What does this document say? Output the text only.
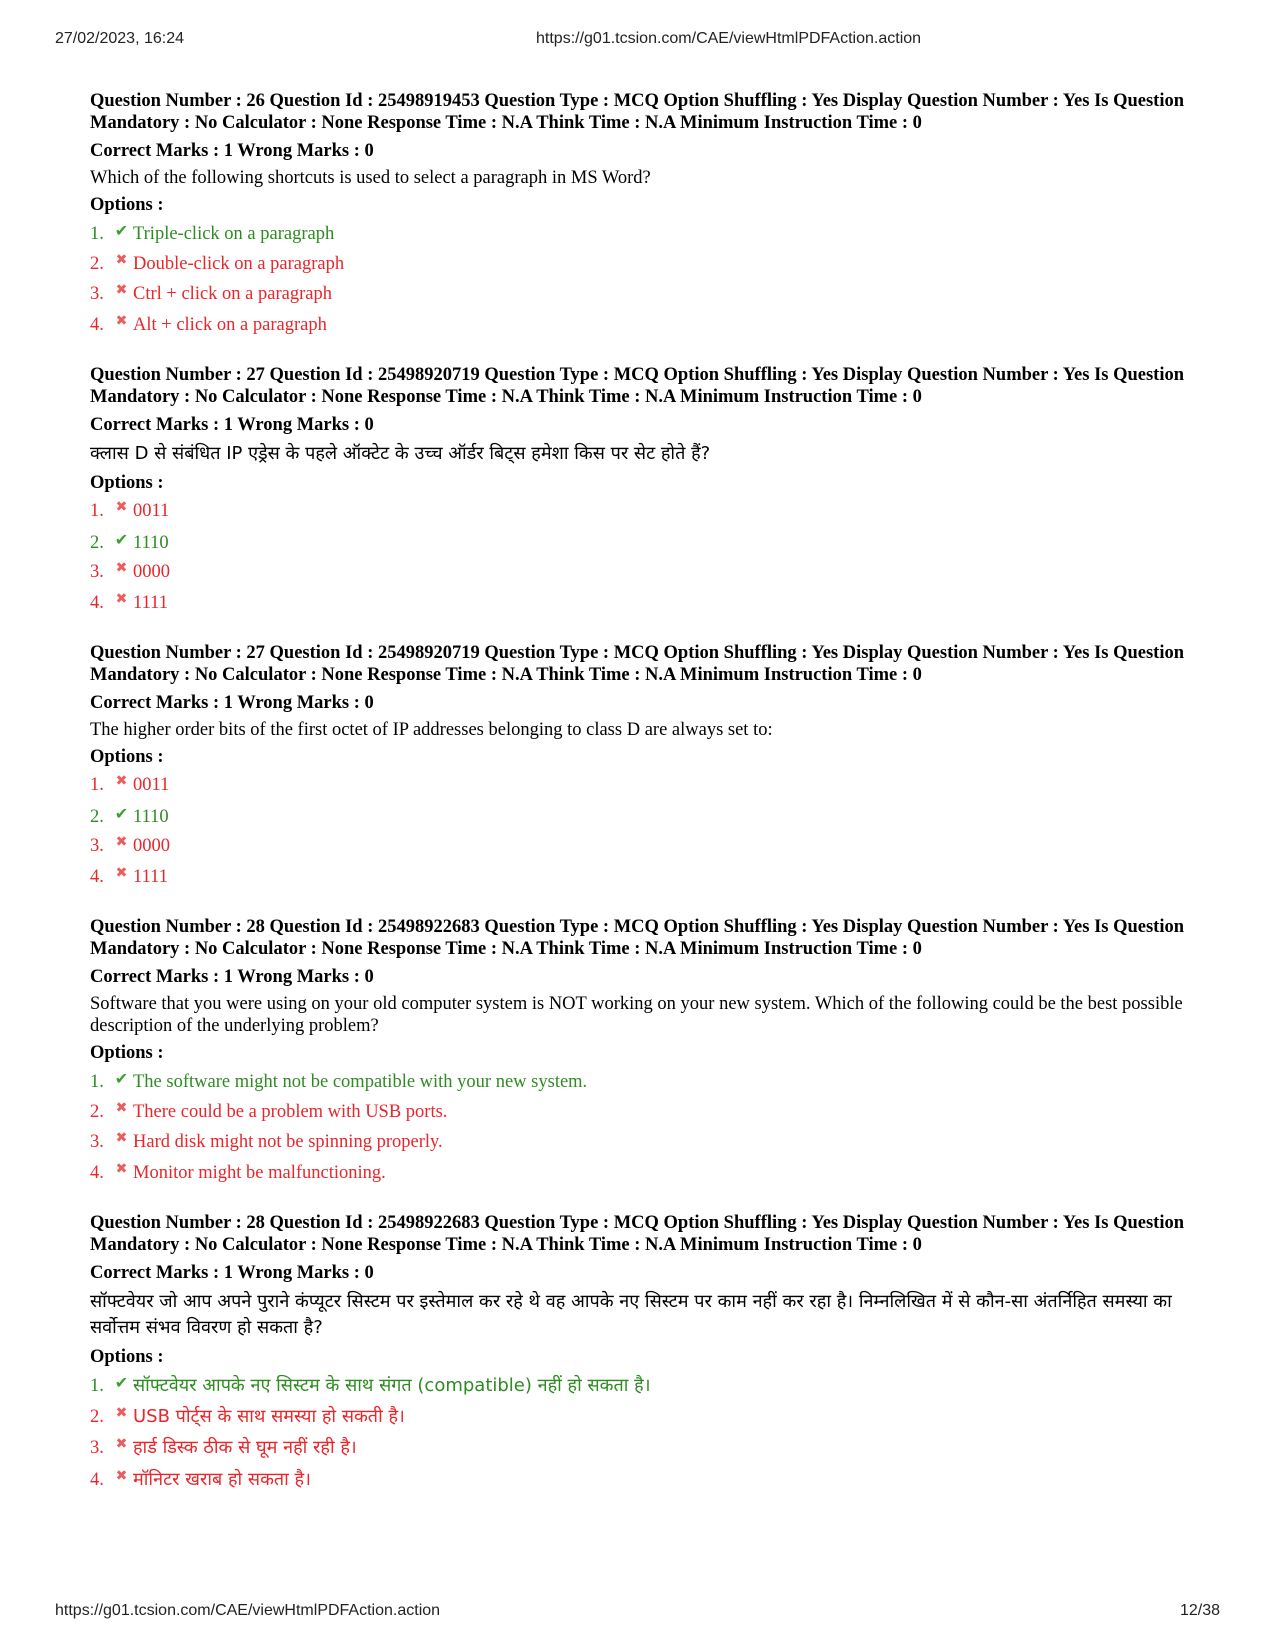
27/02/2023, 16:24	https://g01.tcsion.com/CAE/viewHtmlPDFAction.action
Question Number : 26 Question Id : 25498919453 Question Type : MCQ Option Shuffling : Yes Display Question Number : Yes Is Question Mandatory : No Calculator : None Response Time : N.A Think Time : N.A Minimum Instruction Time : 0
Correct Marks : 1 Wrong Marks : 0
Which of the following shortcuts is used to select a paragraph in MS Word?
Options :
1. ✔ Triple-click on a paragraph
2. ✖ Double-click on a paragraph
3. ✖ Ctrl + click on a paragraph
4. ✖ Alt + click on a paragraph
Question Number : 27 Question Id : 25498920719 Question Type : MCQ Option Shuffling : Yes Display Question Number : Yes Is Question Mandatory : No Calculator : None Response Time : N.A Think Time : N.A Minimum Instruction Time : 0
Correct Marks : 1 Wrong Marks : 0
क्लास D से संबंधित IP एड्रेस के पहले ऑक्टेट के उच्च ऑर्डर बिट्स हमेशा किस पर सेट होते हैं?
Options :
1. ✖ 0011
2. ✔ 1110
3. ✖ 0000
4. ✖ 1111
Question Number : 27 Question Id : 25498920719 Question Type : MCQ Option Shuffling : Yes Display Question Number : Yes Is Question Mandatory : No Calculator : None Response Time : N.A Think Time : N.A Minimum Instruction Time : 0
Correct Marks : 1 Wrong Marks : 0
The higher order bits of the first octet of IP addresses belonging to class D are always set to:
Options :
1. ✖ 0011
2. ✔ 1110
3. ✖ 0000
4. ✖ 1111
Question Number : 28 Question Id : 25498922683 Question Type : MCQ Option Shuffling : Yes Display Question Number : Yes Is Question Mandatory : No Calculator : None Response Time : N.A Think Time : N.A Minimum Instruction Time : 0
Correct Marks : 1 Wrong Marks : 0
Software that you were using on your old computer system is NOT working on your new system. Which of the following could be the best possible description of the underlying problem?
Options :
1. ✔ The software might not be compatible with your new system.
2. ✖ There could be a problem with USB ports.
3. ✖ Hard disk might not be spinning properly.
4. ✖ Monitor might be malfunctioning.
Question Number : 28 Question Id : 25498922683 Question Type : MCQ Option Shuffling : Yes Display Question Number : Yes Is Question Mandatory : No Calculator : None Response Time : N.A Think Time : N.A Minimum Instruction Time : 0
Correct Marks : 1 Wrong Marks : 0
सॉफ्टवेयर जो आप अपने पुराने कंप्यूटर सिस्टम पर इस्तेमाल कर रहे थे वह आपके नए सिस्टम पर काम नहीं कर रहा है। निम्नलिखित में से कौन-सा अंतर्निहित समस्या का सर्वोत्तम संभव विवरण हो सकता है?
Options :
1. ✔ सॉफ्टवेयर आपके नए सिस्टम के साथ संगत (compatible) नहीं हो सकता है।
2. ✖ USB पोर्ट्स के साथ समस्या हो सकती है।
3. ✖ हार्ड डिस्क ठीक से घूम नहीं रही है।
4. ✖ मॉनिटर खराब हो सकता है।
https://g01.tcsion.com/CAE/viewHtmlPDFAction.action	12/38
